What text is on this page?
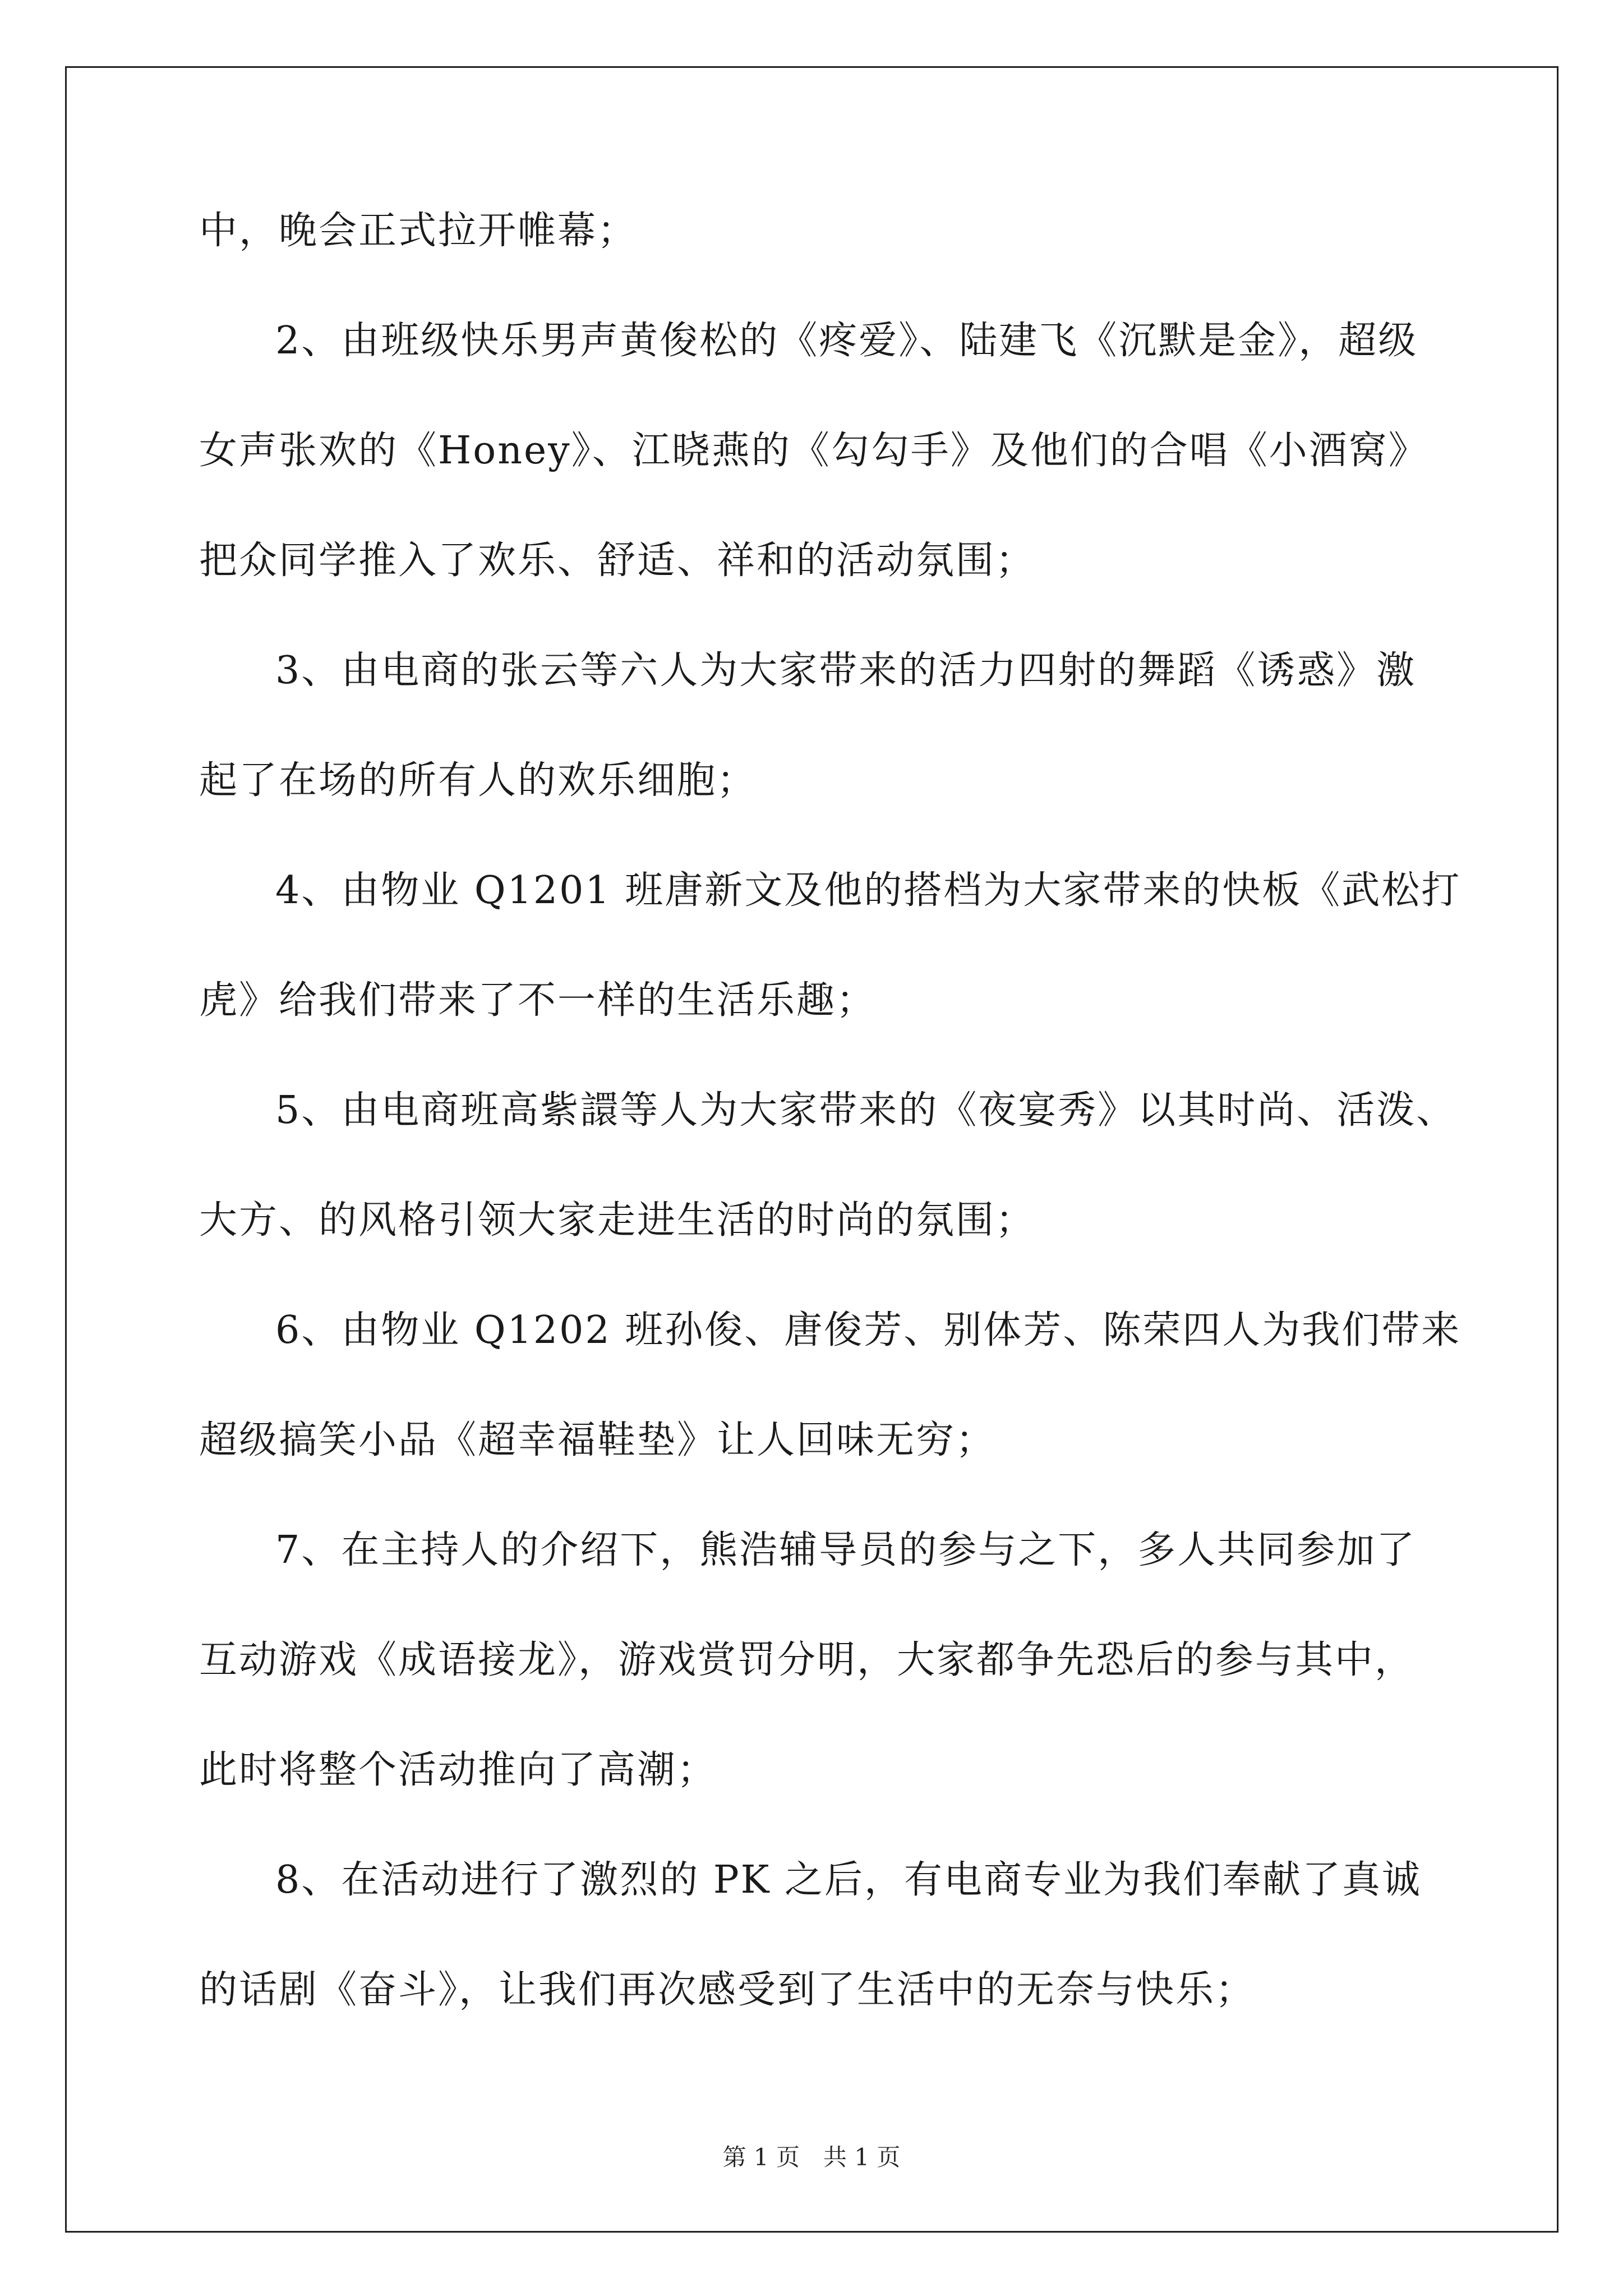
中，晚会正式拉开帷幕；
2、由班级快乐男声黄俊松的《疼爱》、陆建飞《沉默是金》，超级
女声张欢的《Honey》、江晓燕的《勾勾手》及他们的合唱《小酒窝》
把众同学推入了欢乐、舒适、祥和的活动氛围；
3、由电商的张云等六人为大家带来的活力四射的舞蹈《诱惑》激
起了在场的所有人的欢乐细胞；
4、由物业 Q1201 班唐新文及他的搭档为大家带来的快板《武松打
虎》给我们带来了不一样的生活乐趣；
5、由电商班高紫譞等人为大家带来的《夜宴秀》以其时尚、活泼、
大方、的风格引领大家走进生活的时尚的氛围；
6、由物业 Q1202 班孙俊、唐俊芳、别体芳、陈荣四人为我们带来
超级搞笑小品《超幸福鞋垫》让人回味无穷；
7、在主持人的介绍下，熊浩辅导员的参与之下，多人共同参加了
互动游戏《成语接龙》，游戏赏罚分明，大家都争先恐后的参与其中，
此时将整个活动推向了高潮；
8、在活动进行了激烈的 PK 之后，有电商专业为我们奉献了真诚
的话剧《奋斗》，让我们再次感受到了生活中的无奈与快乐；
第 1 页　共 1 页
